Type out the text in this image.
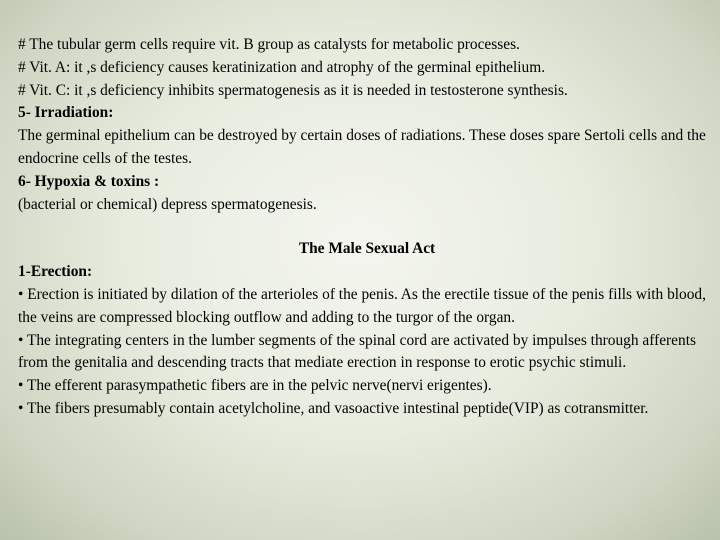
# The tubular germ cells require vit. B group as catalysts for metabolic processes.
# Vit. A: it ,s deficiency causes keratinization and atrophy of the germinal epithelium.
# Vit. C: it ,s deficiency inhibits spermatogenesis as it is needed in testosterone synthesis.
5- Irradiation:
The germinal epithelium can be destroyed by certain doses of radiations. These doses spare Sertoli cells and the endocrine cells of the testes.
6- Hypoxia & toxins :
(bacterial or chemical) depress spermatogenesis.
The Male Sexual Act
1-Erection:
• Erection is initiated by dilation of the arterioles of the penis. As the erectile tissue of the penis fills with blood, the veins are compressed blocking outflow and adding to the turgor of the organ.
• The integrating centers in the lumber segments of the spinal cord are activated by impulses through afferents from the genitalia and descending tracts that mediate erection in response to erotic psychic stimuli.
• The efferent parasympathetic fibers are in the pelvic nerve(nervi erigentes).
• The fibers presumably contain acetylcholine, and vasoactive intestinal peptide(VIP) as cotransmitter.
